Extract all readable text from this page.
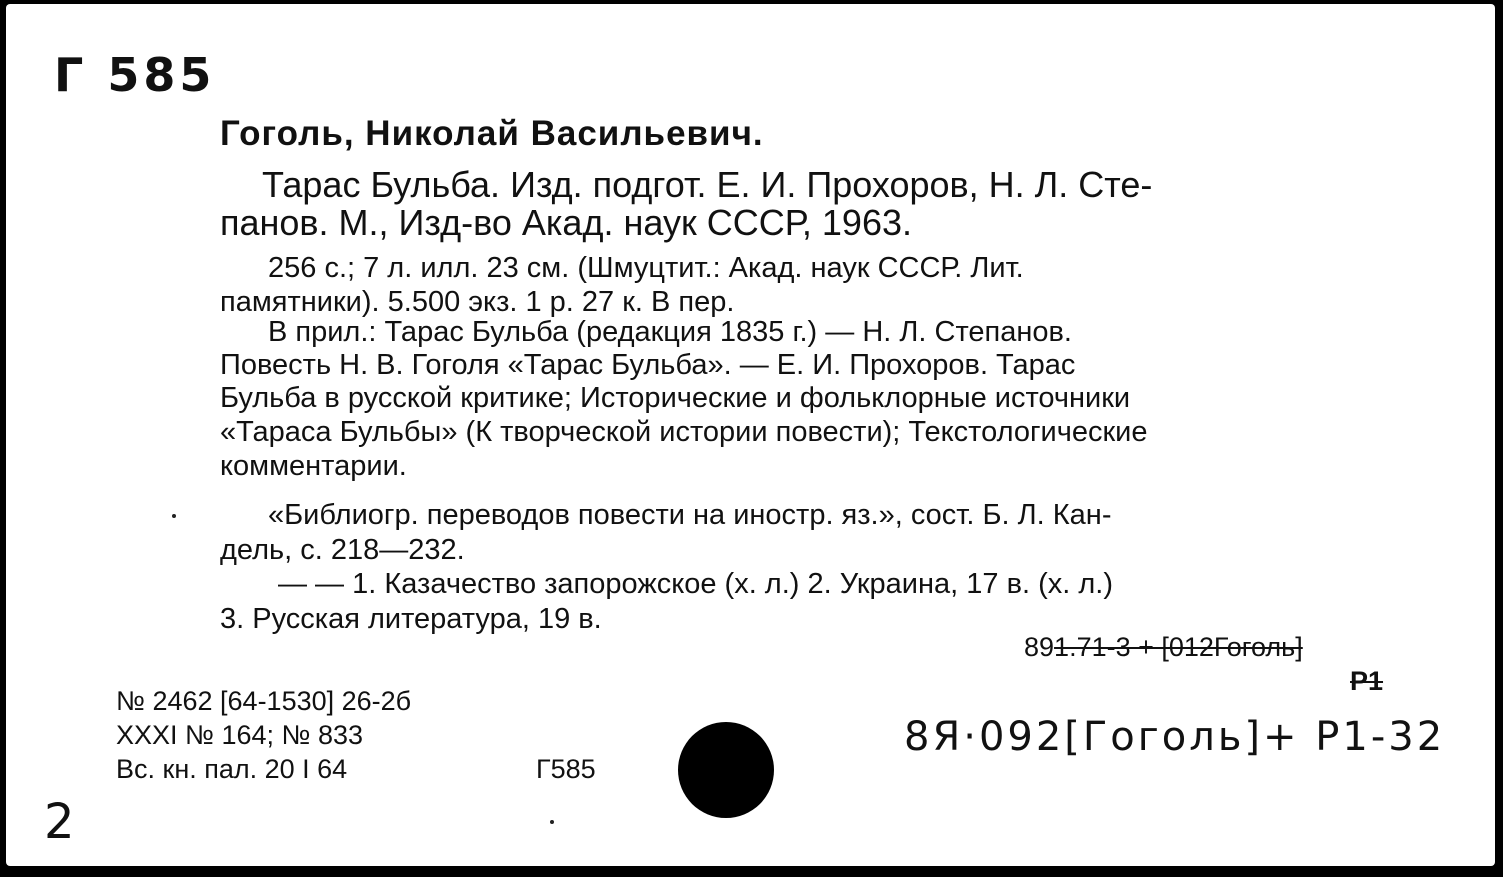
Г 585
Гоголь, Николай Васильевич.
Тарас Бульба. Изд. подгот. Е. И. Прохоров, Н. Л. Сте-
панов. М., Изд-во Акад. наук СССР, 1963.
256 с.; 7 л. илл. 23 см. (Шмуцтит.: Акад. наук СССР. Лит.
памятники). 5.500 экз. 1 р. 27 к. В пер.
В прил.: Тарас Бульба (редакция 1835 г.) — Н. Л. Степанов.
Повесть Н. В. Гоголя «Тарас Бульба». — Е. И. Прохоров. Тарас
Бульба в русской критике; Исторические и фольклорные источники
«Тараса Бульбы» (К творческой истории повести); Текстологические
комментарии.
«Библиогр. переводов повести на иностр. яз.», сост. Б. Л. Кан-
дель, с. 218—232.
— — 1. Казачество запорожское (х. л.) 2. Украина, 17 в. (х. л.)
3. Русская литература, 19 в.
891.71-3 + [012Гоголь]
Р1
№ 2462 [64-1530] 26-2б
XXXI № 164; № 833
Вс. кн. пал. 20 I 64	Г585
8Я·092[Гоголь]+ Р1-32
2
